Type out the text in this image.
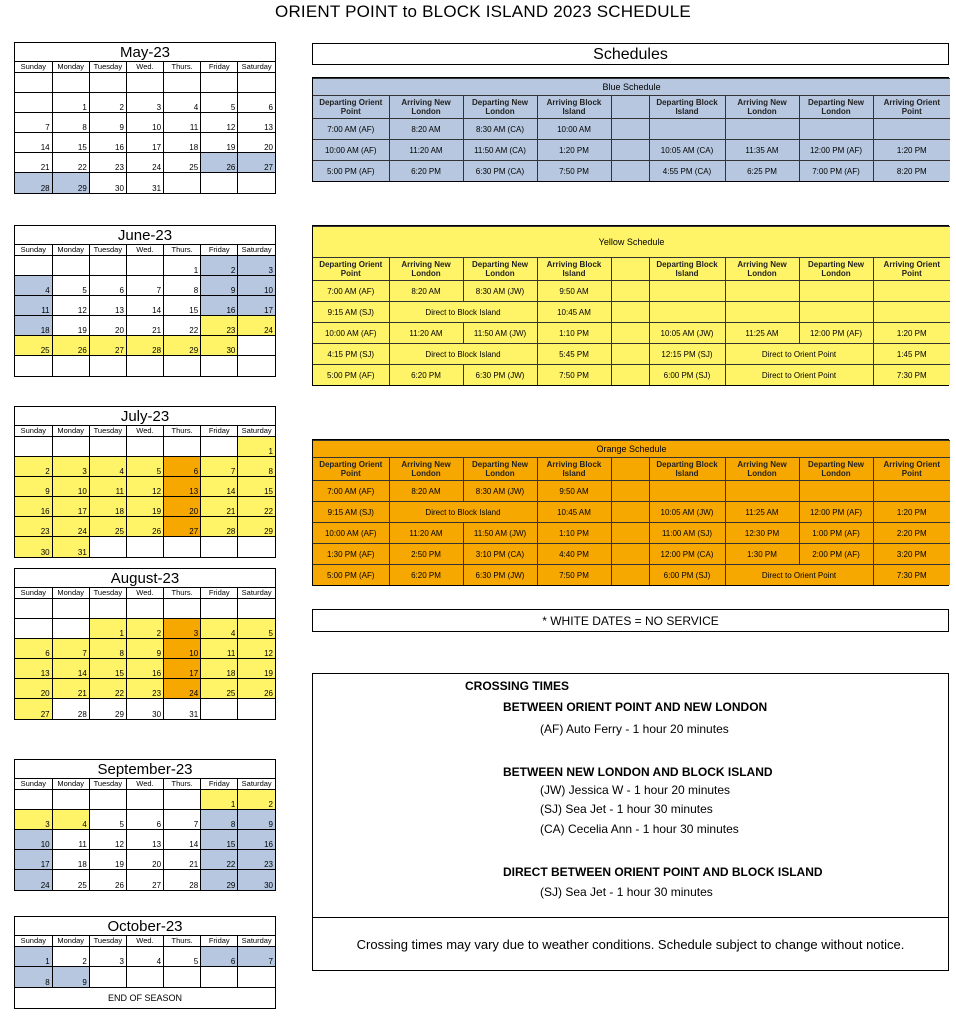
ORIENT POINT to BLOCK ISLAND 2023 SCHEDULE
May-23
Sunday	Monday	Tuesday	Wed.	Thurs.	Friday	Saturday

	1	2	3	4	5	6
7	8	9	10	11	12	13
14	15	16	17	18	19	20
21	22	23	24	25	26	27
28	29	30	31			
June-23
Sunday	Monday	Tuesday	Wed.	Thurs.	Friday	Saturday
				1	2	3
4	5	6	7	8	9	10
11	12	13	14	15	16	17
18	19	20	21	22	23	24
25	26	27	28	29	30	

July-23
Sunday	Monday	Tuesday	Wed.	Thurs.	Friday	Saturday
						1
2	3	4	5	6	7	8
9	10	11	12	13	14	15
16	17	18	19	20	21	22
23	24	25	26	27	28	29
30	31					
August-23
Sunday	Monday	Tuesday	Wed.	Thurs.	Friday	Saturday

		1	2	3	4	5
6	7	8	9	10	11	12
13	14	15	16	17	18	19
20	21	22	23	24	25	26
27	28	29	30	31		
September-23
Sunday	Monday	Tuesday	Wed.	Thurs.	Friday	Saturday
					1	2
3	4	5	6	7	8	9
10	11	12	13	14	15	16
17	18	19	20	21	22	23
24	25	26	27	28	29	30
October-23
Sunday	Monday	Tuesday	Wed.	Thurs.	Friday	Saturday
1	2	3	4	5	6	7
8	9					
END OF SEASON
Schedules
Blue Schedule								
Departing Orient Point	Arriving New London	Departing New London	Arriving Block Island		Departing Block Island	Arriving New London	Departing New London	Arriving Orient Point
7:00 AM (AF)	8:20 AM	8:30 AM (CA)	10:00 AM					
10:00 AM (AF)	11:20 AM	11:50 AM (CA)	1:20 PM		10:05 AM (CA)	11:35 AM	12:00 PM (AF)	1:20 PM
5:00 PM (AF)	6:20 PM	6:30 PM (CA)	7:50 PM		4:55 PM (CA)	6:25 PM	7:00 PM (AF)	8:20 PM
Yellow Schedule								
Departing Orient Point	Arriving New London	Departing New London	Arriving Block Island		Departing Block Island	Arriving New London	Departing New London	Arriving Orient Point
7:00 AM (AF)	8:20 AM	8:30 AM (JW)	9:50 AM					
9:15 AM (SJ)	Direct to Block Island		10:45 AM					
10:00 AM (AF)	11:20 AM	11:50 AM (JW)	1:10 PM		10:05 AM (JW)	11:25 AM	12:00 PM (AF)	1:20 PM
4:15 PM (SJ)	Direct to Block Island		5:45 PM		12:15 PM (SJ)	Direct to Orient Point		1:45 PM
5:00 PM (AF)	6:20 PM	6:30 PM (JW)	7:50 PM		6:00 PM (SJ)	Direct to Orient Point		7:30 PM
Orange Schedule								
Departing Orient Point	Arriving New London	Departing New London	Arriving Block Island		Departing Block Island	Arriving New London	Departing New London	Arriving Orient Point
7:00 AM (AF)	8:20 AM	8:30 AM (JW)	9:50 AM					
9:15 AM (SJ)	Direct to Block Island		10:45 AM		10:05 AM (JW)	11:25 AM	12:00 PM (AF)	1:20 PM
10:00 AM (AF)	11:20 AM	11:50 AM (JW)	1:10 PM		11:00 AM (SJ)	12:30 PM	1:00 PM (AF)	2:20 PM
1:30 PM (AF)	2:50 PM	3:10 PM (CA)	4:40 PM		12:00 PM (CA)	1:30 PM	2:00 PM (AF)	3:20 PM
5:00 PM (AF)	6:20 PM	6:30 PM (JW)	7:50 PM		6:00 PM (SJ)	Direct to Orient Point		7:30 PM
* WHITE DATES = NO SERVICE
CROSSING TIMES
BETWEEN ORIENT POINT AND NEW LONDON
(AF) Auto Ferry - 1 hour 20 minutes
BETWEEN NEW LONDON AND BLOCK ISLAND
(JW) Jessica W - 1 hour 20 minutes
(SJ) Sea Jet - 1 hour 30 minutes
(CA) Cecelia Ann - 1 hour 30 minutes
DIRECT BETWEEN ORIENT POINT AND BLOCK ISLAND
(SJ) Sea Jet - 1 hour 30 minutes
Crossing times may vary due to weather conditions. Schedule subject to change without notice.
